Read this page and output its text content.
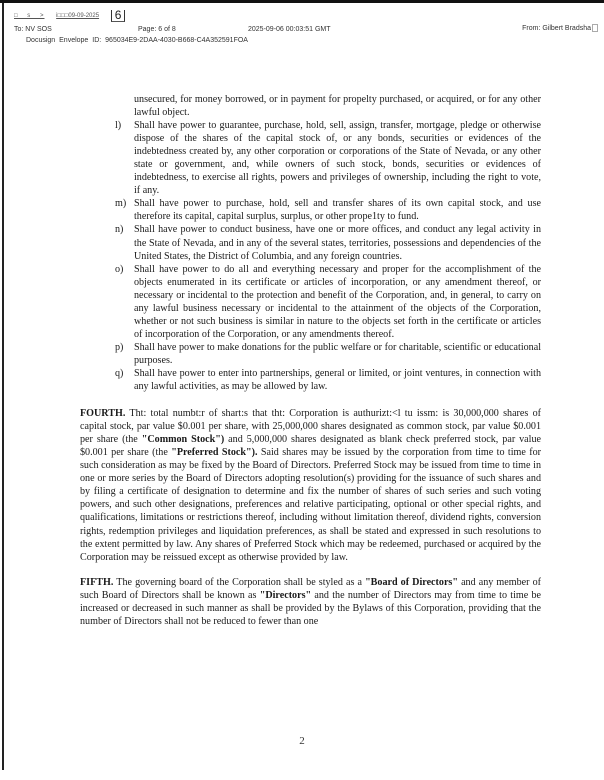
□__s__> i□□□09-09-2025 6
To: NV SOS	Page: 6 of 8	2025-09-06 00:03:51 GMT	From: Gilbert Bradsha
Docusign Envelope ID: 965034E9-2DAA-4030-B668-C4A352591FOA
unsecured, for money borrowed, or in payment for propelty purchased, or acquired, or for any other lawful object.
l) Shall have power to guarantee, purchase, hold, sell, assign, transfer, mortgage, pledge or otherwise dispose of the shares of the capital stock of, or any bonds, securities or evidences of the indebtedness created by, any other corporation or corporations of the State of Nevada, or any other state or government, and, while owners of such stock, bonds, securities or evidences of indebtedness, to exercise all rights, powers and privileges of ownership, including the right to vote, if any.
m) Shall have power to purchase, hold, sell and transfer shares of its own capital stock, and use therefore its capital, capital surplus, surplus, or other prope1ty to fund.
n) Shall have power to conduct business, have one or more offices, and conduct any legal activity in the State of Nevada, and in any of the several states, territories, possessions and dependencies of the United States, the District of Columbia, and any foreign countries.
o) Shall have power to do all and everything necessary and proper for the accomplishment of the objects enumerated in its certificate or articles of incorporation, or any amendment thereof, or necessary or incidental to the protection and benefit of the Corporation, and, in general, to carry on any lawful business necessary or incidental to the attainment of the objects of the Corporation, whether or not such business is similar in nature to the objects set forth in the certificate or articles of incorporation of the Corporation, or any amendments thereof.
p) Shall have power to make donations for the public welfare or for charitable, scientific or educational purposes.
q) Shall have power to enter into partnerships, general or limited, or joint ventures, in connection with any lawful activities, as may be allowed by law.
FOURTH. Tht: total numbt:r of shart:s that tht: Corporation is authurizt:<l tu issm: is 30,000,000 shares of capital stock, par value $0.001 per share, with 25,000,000 shares designated as common stock, par value $0.001 per share (the "Common Stock") and 5,000,000 shares designated as blank check preferred stock, par value $0.001 per share (the "Preferred Stock"). Said shares may be issued by the corporation from time to time for such consideration as may be fixed by the Board of Directors. Preferred Stock may be issued from time to time in one or more series by the Board of Directors adopting resolution(s) providing for the issuance of such shares and by filing a certificate of designation to determine and fix the number of shares of such series and such voting powers, and such other designations, preferences and relative participating, optional or other special rights, and qualifications, limitations or restrictions thereof, including without limitation thereof, dividend rights, conversion rights, redemption privileges and liquidation preferences, as shall be stated and expressed in such resolutions to the extent permitted by law. Any shares of Preferred Stock which may be redeemed, purchased or acquired by the Corporation may be reissued except as otherwise provided by law.
FIFTH. The governing board of the Corporation shall be styled as a "Board of Directors" and any member of such Board of Directors shall be known as "Directors" and the number of Directors may from time to time be increased or decreased in such manner as shall be provided by the Bylaws of this Corporation, providing that the number of Directors shall not be reduced to fewer than one
2
